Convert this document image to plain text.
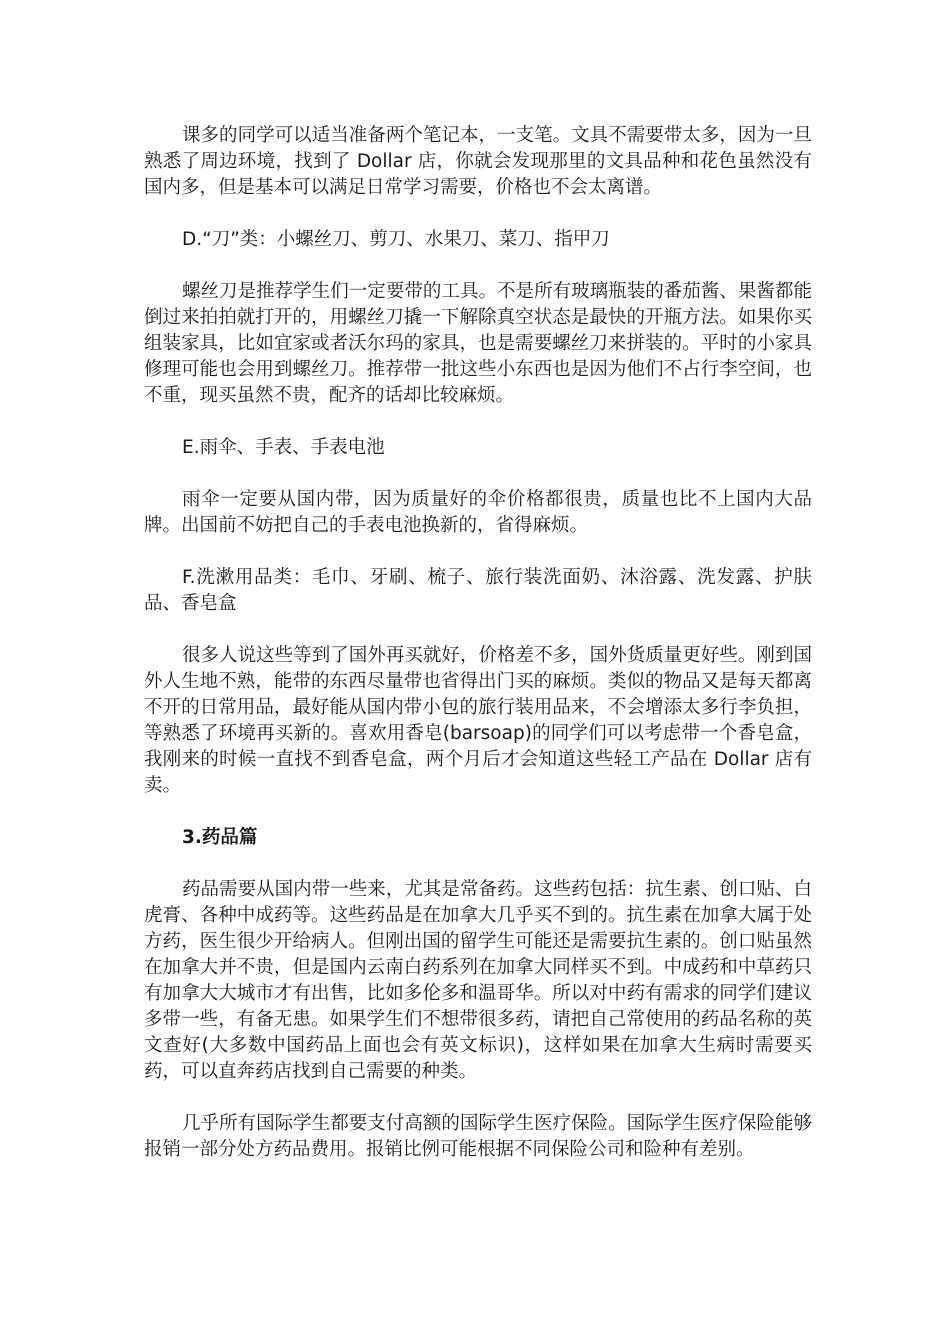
课多的同学可以适当准备两个笔记本，一支笔。文具不需要带太多，因为一旦熟悉了周边环境，找到了 Dollar 店，你就会发现那里的文具品种和花色虽然没有国内多，但是基本可以满足日常学习需要，价格也不会太离谱。

D.“刀”类：小螺丝刀、剪刀、水果刀、菜刀、指甲刀

螺丝刀是推荐学生们一定要带的工具。不是所有玻璃瓶装的番茄酱、果酱都能倒过来拍拍就打开的，用螺丝刀撬一下解除真空状态是最快的开瓶方法。如果你买组装家具，比如宜家或者沃尔玛的家具，也是需要螺丝刀来拼装的。平时的小家具修理可能也会用到螺丝刀。推荐带一批这些小东西也是因为他们不占行李空间，也不重，现买虽然不贵，配齐的话却比较麻烦。

E.雨伞、手表、手表电池

雨伞一定要从国内带，因为质量好的伞价格都很贵，质量也比不上国内大品牌。出国前不妨把自己的手表电池换新的，省得麻烦。

F.洗漱用品类：毛巾、牙刷、梳子、旅行装洗面奶、沐浴露、洗发露、护肤品、香皂盒

很多人说这些等到了国外再买就好，价格差不多，国外货质量更好些。刚到国外人生地不熟，能带的东西尽量带也省得出门买的麻烦。类似的物品又是每天都离不开的日常用品，最好能从国内带小包的旅行装用品来，不会增添太多行李负担，等熟悉了环境再买新的。喜欢用香皂(barsoap)的同学们可以考虑带一个香皂盒，我刚来的时候一直找不到香皂盒，两个月后才会知道这些轻工产品在 Dollar 店有卖。

3.药品篇

药品需要从国内带一些来，尤其是常备药。这些药包括：抗生素、创口贴、白虎膏、各种中成药等。这些药品是在加拿大几乎买不到的。抗生素在加拿大属于处方药，医生很少开给病人。但刚出国的留学生可能还是需要抗生素的。创口贴虽然在加拿大并不贵，但是国内云南白药系列在加拿大同样买不到。中成药和中草药只有加拿大大城市才有出售，比如多伦多和温哥华。所以对中药有需求的同学们建议多带一些，有备无患。如果学生们不想带很多药，请把自己常使用的药品名称的英文查好(大多数中国药品上面也会有英文标识)，这样如果在加拿大生病时需要买药，可以直奔药店找到自己需要的种类。

几乎所有国际学生都要支付高额的国际学生医疗保险。国际学生医疗保险能够报销一部分处方药品费用。报销比例可能根据不同保险公司和险种有差别。
